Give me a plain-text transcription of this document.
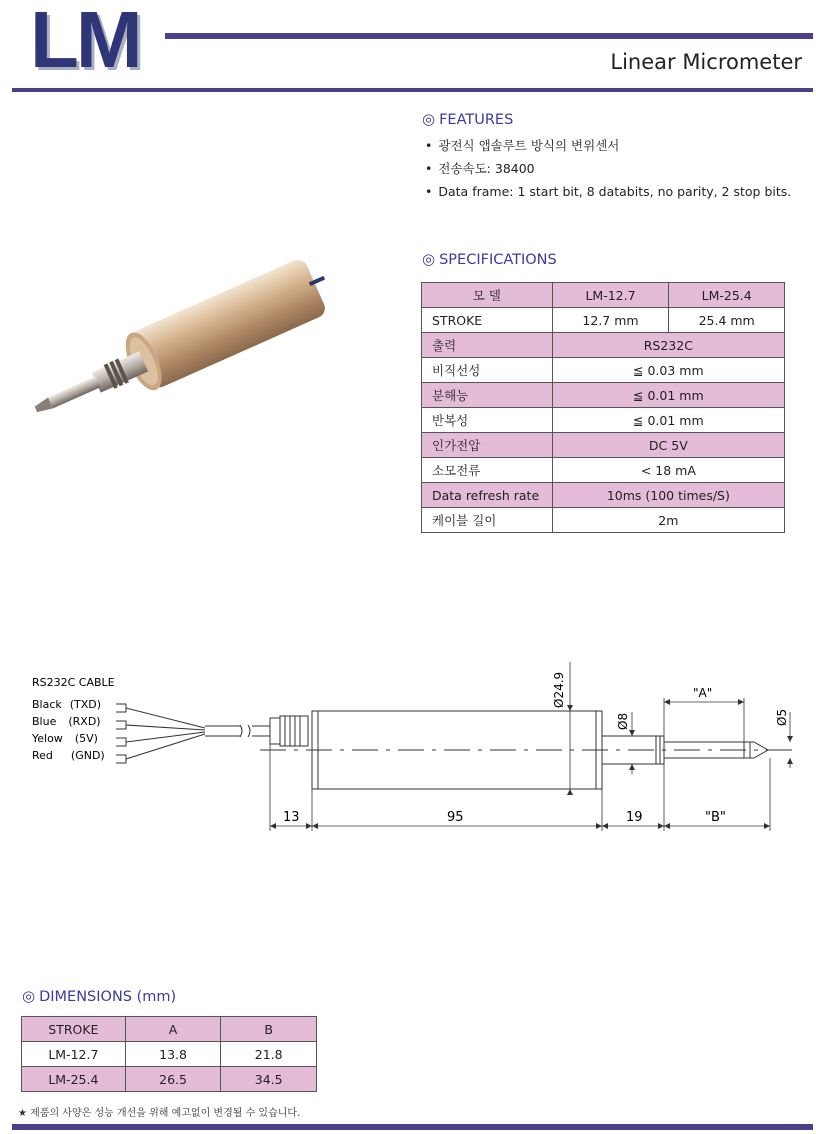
LM	Linear Micrometer
◎ FEATURES
• 광전식 앱솔루트 방식의 변위센서
• 전송속도: 38400
• Data frame: 1 start bit, 8 databits, no parity, 2 stop bits.
◎ SPECIFICATIONS
모 델	LM-12.7	LM-25.4
STROKE	12.7 mm	25.4 mm
출력	RS232C	
비직선성	≦ 0.03 mm	
분해능	≦ 0.01 mm	
반복성	≦ 0.01 mm	
인가전압	DC 5V	
소모전류	< 18 mA	
Data refresh rate	10ms (100 times/S)	
케이블 길이	2m	
RS232C CABLE
Black (TXD)
Blue (RXD)
Yelow (5V)
Red (GND)
Ø24.9
Ø8	Ø5
"A"
"B"
13	95	19
◎ DIMENSIONS (mm)
STROKE	A	B
LM-12.7	13.8	21.8
LM-25.4	26.5	34.5
★ 제품의 사양은 성능 개선을 위해 예고없이 변경될 수 있습니다.
